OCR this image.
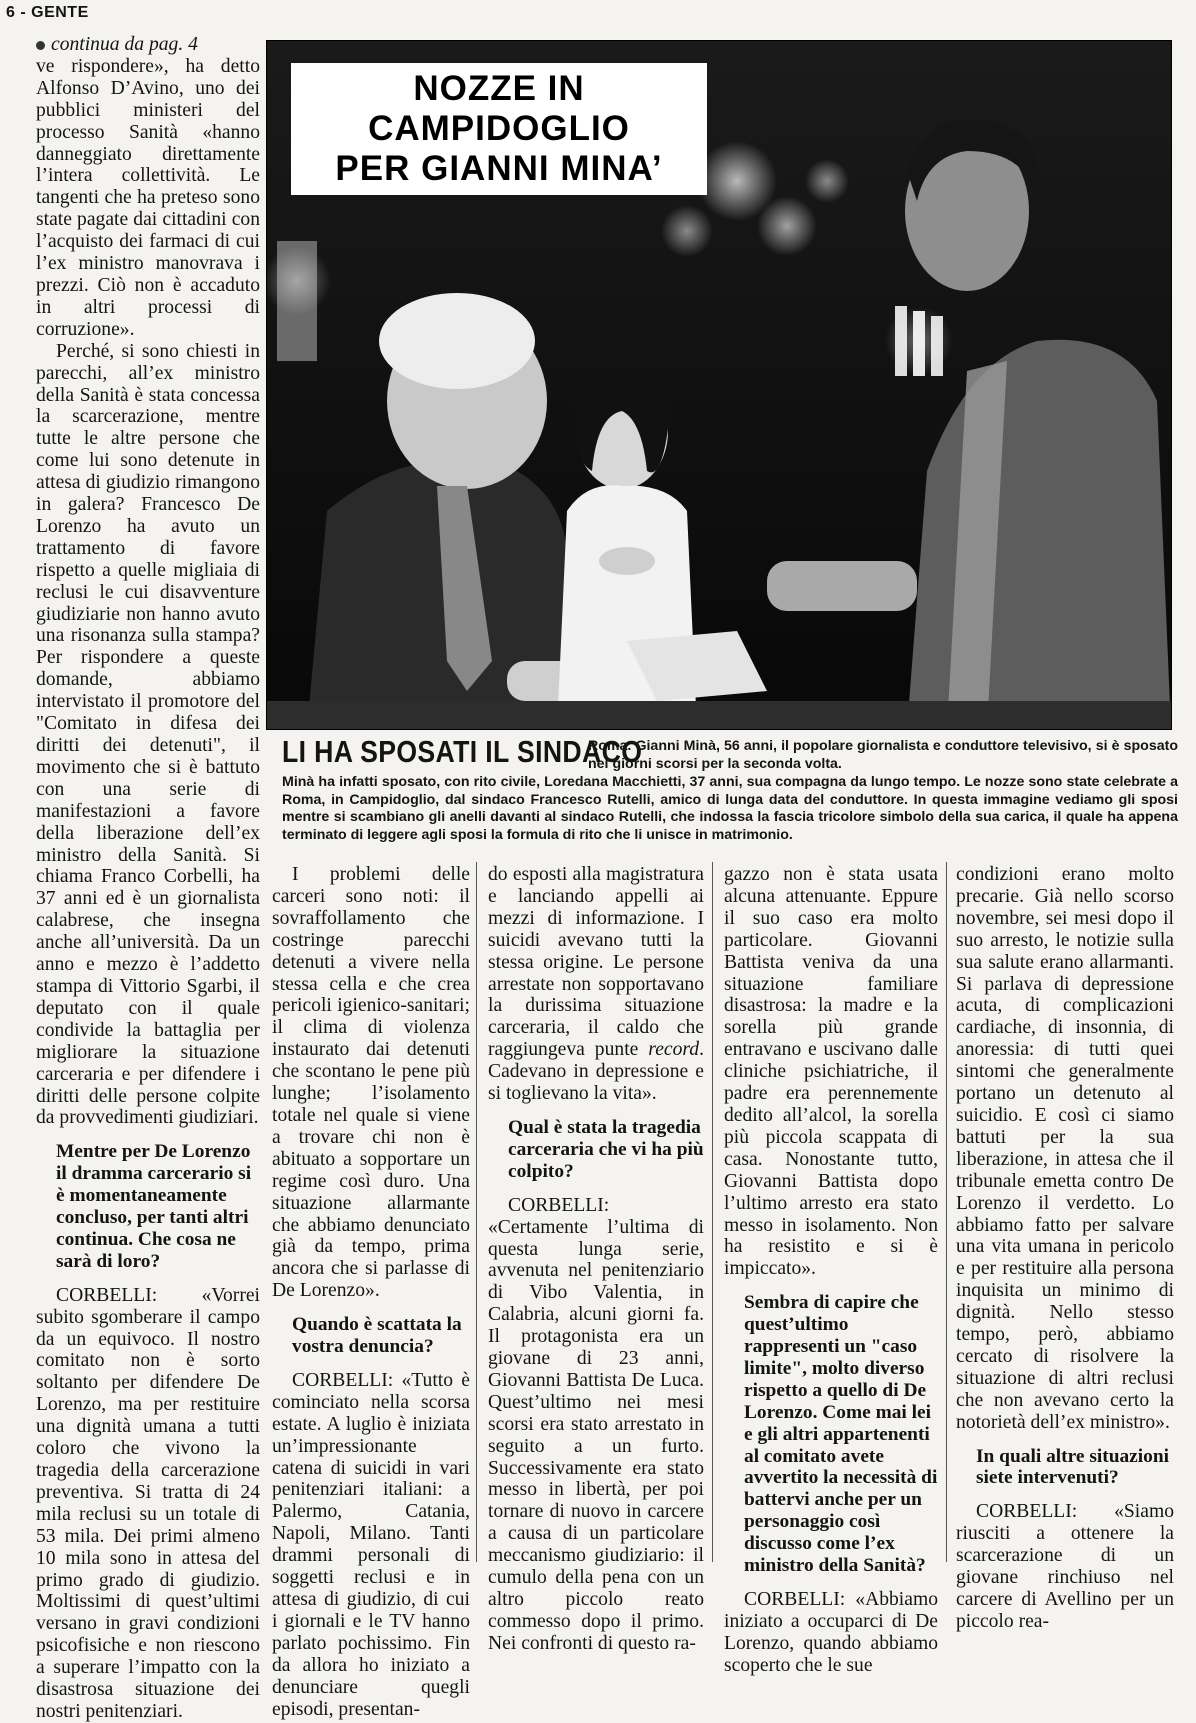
6 - GENTE

continua da pag. 4

ve rispondere», ha detto Alfonso D’Avino, uno dei pubblici ministeri del processo Sanità «hanno danneggiato direttamente l’intera collettività. Le tangenti che ha preteso sono state pagate dai cittadini con l’acquisto dei farmaci di cui l’ex ministro manovrava i prezzi. Ciò non è accaduto in altri processi di corruzione».

Perché, si sono chiesti in parecchi, all’ex ministro della Sanità è stata concessa la scarcerazione, mentre tutte le altre persone che come lui sono detenute in attesa di giudizio rimangono in galera? Francesco De Lorenzo ha avuto un trattamento di favore rispetto a quelle migliaia di reclusi le cui disavventure giudiziarie non hanno avuto una risonanza sulla stampa? Per rispondere a queste domande, abbiamo intervistato il promotore del "Comitato in difesa dei diritti dei detenuti", il movimento che si è battuto con una serie di manifestazioni a favore della liberazione dell’ex ministro della Sanità. Si chiama Franco Corbelli, ha 37 anni ed è un giornalista calabrese, che insegna anche all’università. Da un anno e mezzo è l’addetto stampa di Vittorio Sgarbi, il deputato con il quale condivide la battaglia per migliorare la situazione carceraria e per difendere i diritti delle persone colpite da provvedimenti giudiziari.

Mentre per De Lorenzo il dramma carcerario si è momentaneamente concluso, per tanti altri continua. Che cosa ne sarà di loro?

CORBELLI: «Vorrei subito sgomberare il campo da un equivoco. Il nostro comitato non è sorto soltanto per difendere De Lorenzo, ma per restituire una dignità umana a tutti coloro che vivono la tragedia della carcerazione preventiva. Si tratta di 24 mila reclusi su un totale di 53 mila. Dei primi almeno 10 mila sono in attesa del primo grado di giudizio. Moltissimi di quest’ultimi versano in gravi condizioni psicofisiche e non riescono a superare l’impatto con la disastrosa situazione dei nostri penitenziari.

NOZZE IN CAMPIDOGLIO
PER GIANNI MINA’
LI HA SPOSATI IL SINDACO
Roma. Gianni Minà, 56 anni, il popolare giornalista e conduttore televisivo, si è sposato nei giorni scorsi per la seconda volta.
Minà ha infatti sposato, con rito civile, Loredana Macchietti, 37 anni, sua compagna da lungo tempo. Le nozze sono state celebrate a Roma, in Campidoglio, dal sindaco Francesco Rutelli, amico di lunga data del conduttore. In questa immagine vediamo gli sposi mentre si scambiano gli anelli davanti al sindaco Rutelli, che indossa la fascia tricolore simbolo della sua carica, il quale ha appena terminato di leggere agli sposi la formula di rito che li unisce in matrimonio.

I problemi delle carceri sono noti: il sovraffollamento che costringe parecchi detenuti a vivere nella stessa cella e che crea pericoli igienico-sanitari; il clima di violenza instaurato dai detenuti che scontano le pene più lunghe; l’isolamento totale nel quale si viene a trovare chi non è abituato a sopportare un regime così duro. Una situazione allarmante che abbiamo denunciato già da tempo, prima ancora che si parlasse di De Lorenzo».

Quando è scattata la vostra denuncia?

CORBELLI: «Tutto è cominciato nella scorsa estate. A luglio è iniziata un’impressionante catena di suicidi in vari penitenziari italiani: a Palermo, Catania, Napoli, Milano. Tanti drammi personali di soggetti reclusi e in attesa di giudizio, di cui i giornali e le TV hanno parlato pochissimo. Fin da allora ho iniziato a denunciare quegli episodi, presentan-

do esposti alla magistratura e lanciando appelli ai mezzi di informazione. I suicidi avevano tutti la stessa origine. Le persone arrestate non sopportavano la durissima situazione carceraria, il caldo che raggiungeva punte record. Cadevano in depressione e si toglievano la vita».

Qual è stata la tragedia carceraria che vi ha più colpito?

CORBELLI: «Certamente l’ultima di questa lunga serie, avvenuta nel penitenziario di Vibo Valentia, in Calabria, alcuni giorni fa. Il protagonista era un giovane di 23 anni, Giovanni Battista De Luca. Quest’ultimo nei mesi scorsi era stato arrestato in seguito a un furto. Successivamente era stato messo in libertà, per poi tornare di nuovo in carcere a causa di un particolare meccanismo giudiziario: il cumulo della pena con un altro piccolo reato commesso dopo il primo. Nei confronti di questo ra-

gazzo non è stata usata alcuna attenuante. Eppure il suo caso era molto particolare. Giovanni Battista veniva da una situazione familiare disastrosa: la madre e la sorella più grande entravano e uscivano dalle cliniche psichiatriche, il padre era perennemente dedito all’alcol, la sorella più piccola scappata di casa. Nonostante tutto, Giovanni Battista dopo l’ultimo arresto era stato messo in isolamento. Non ha resistito e si è impiccato».

Sembra di capire che quest’ultimo rappresenti un "caso limite", molto diverso rispetto a quello di De Lorenzo. Come mai lei e gli altri appartenenti al comitato avete avvertito la necessità di battervi anche per un personaggio così discusso come l’ex ministro della Sanità?

CORBELLI: «Abbiamo iniziato a occuparci di De Lorenzo, quando abbiamo scoperto che le sue

condizioni erano molto precarie. Già nello scorso novembre, sei mesi dopo il suo arresto, le notizie sulla sua salute erano allarmanti. Si parlava di depressione acuta, di complicazioni cardiache, di insonnia, di anoressia: di tutti quei sintomi che generalmente portano un detenuto al suicidio. E così ci siamo battuti per la sua liberazione, in attesa che il tribunale emetta contro De Lorenzo il verdetto. Lo abbiamo fatto per salvare una vita umana in pericolo e per restituire alla persona inquisita un minimo di dignità. Nello stesso tempo, però, abbiamo cercato di risolvere la situazione di altri reclusi che non avevano certo la notorietà dell’ex ministro».

In quali altre situazioni siete intervenuti?

CORBELLI: «Siamo riusciti a ottenere la scarcerazione di un giovane rinchiuso nel carcere di Avellino per un piccolo rea-
